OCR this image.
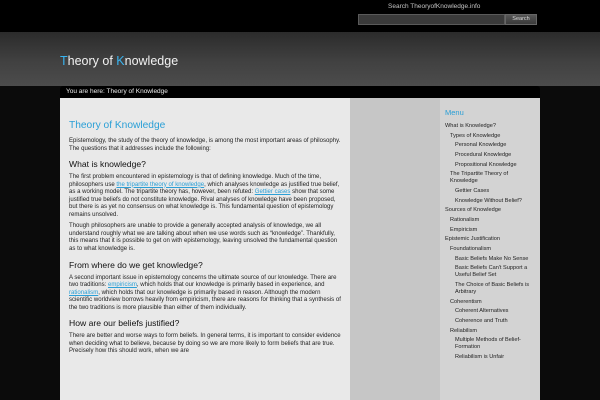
Search TheoryofKnowledge.info
Search
Theory of Knowledge
You are here: Theory of Knowledge
Theory of Knowledge

Epistemology, the study of the theory of knowledge, is among the most important areas of philosophy. The questions that it addresses include the following:

What is knowledge?

The first problem encountered in epistemology is that of defining knowledge. Much of the time, philosophers use the tripartite theory of knowledge, which analyses knowledge as justified true belief, as a working model. The tripartite theory has, however, been refuted: Gettier cases show that some justified true beliefs do not constitute knowledge. Rival analyses of knowledge have been proposed, but there is as yet no consensus on what knowledge is. This fundamental question of epistemology remains unsolved.

Though philosophers are unable to provide a generally accepted analysis of knowledge, we all understand roughly what we are talking about when we use words such as “knowledge”. Thankfully, this means that it is possible to get on with epistemology, leaving unsolved the fundamental question as to what knowledge is.

From where do we get knowledge?

A second important issue in epistemology concerns the ultimate source of our knowledge. There are two traditions: empiricism, which holds that our knowledge is primarily based in experience, and rationalism, which holds that our knowledge is primarily based in reason. Although the modern scientific worldview borrows heavily from empiricism, there are reasons for thinking that a synthesis of the two traditions is more plausible than either of them individually.

How are our beliefs justified?

There are better and worse ways to form beliefs. In general terms, it is important to consider evidence when deciding what to believe, because by doing so we are more likely to form beliefs that are true. Precisely how this should work, when we are

Menu
What is Knowledge?
Types of Knowledge
Personal Knowledge
Procedural Knowledge
Propositional Knowledge
The Tripartite Theory of Knowledge
Gettier Cases
Knowledge Without Belief?
Sources of Knowledge
Rationalism
Empiricism
Epistemic Justification
Foundationalism
Basic Beliefs Make No Sense
Basic Beliefs Can't Support a Useful Belief Set
The Choice of Basic Beliefs is Arbitrary
Coherentism
Coherent Alternatives
Coherence and Truth
Reliabilism
Multiple Methods of Belief-Formation
Reliabilism is Unfair
